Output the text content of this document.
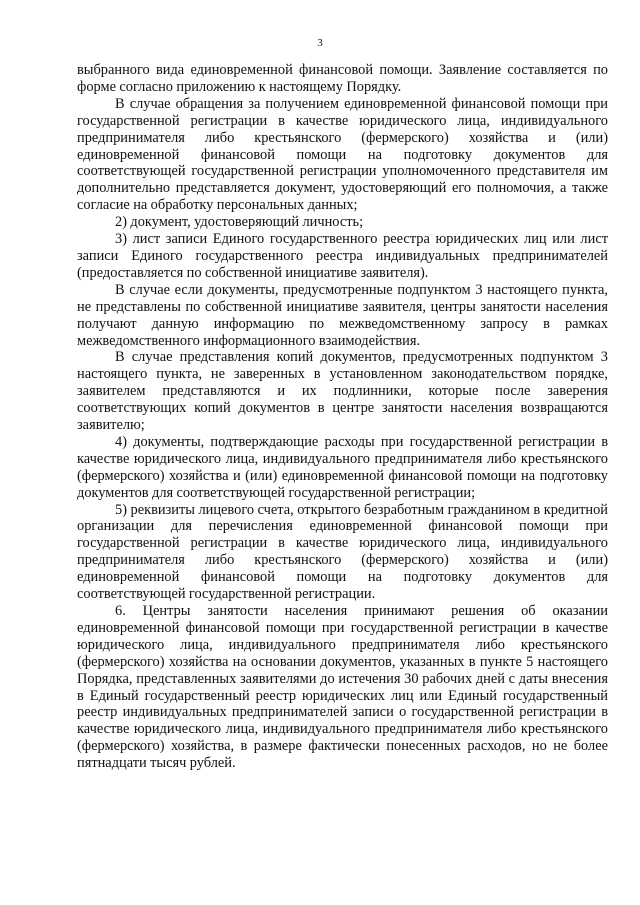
3

выбранного вида единовременной финансовой помощи. Заявление составляется по форме согласно приложению к настоящему Порядку.

В случае обращения за получением единовременной финансовой помощи при государственной регистрации в качестве юридического лица, индивидуального предпринимателя либо крестьянского (фермерского) хозяйства и (или) единовременной финансовой помощи на подготовку документов для соответствующей государственной регистрации уполномоченного представителя им дополнительно представляется документ, удостоверяющий его полномочия, а также согласие на обработку персональных данных;

2) документ, удостоверяющий личность;

3) лист записи Единого государственного реестра юридических лиц или лист записи Единого государственного реестра индивидуальных предпринимателей (предоставляется по собственной инициативе заявителя).

В случае если документы, предусмотренные подпунктом 3 настоящего пункта, не представлены по собственной инициативе заявителя, центры занятости населения получают данную информацию по межведомственному запросу в рамках межведомственного информационного взаимодействия.

В случае представления копий документов, предусмотренных подпунктом 3 настоящего пункта, не заверенных в установленном законодательством порядке, заявителем представляются и их подлинники, которые после заверения соответствующих копий документов в центре занятости населения возвращаются заявителю;

4) документы, подтверждающие расходы при государственной регистрации в качестве юридического лица, индивидуального предпринимателя либо крестьянского (фермерского) хозяйства и (или) единовременной финансовой помощи на подготовку документов для соответствующей государственной регистрации;

5) реквизиты лицевого счета, открытого безработным гражданином в кредитной организации для перечисления единовременной финансовой помощи при государственной регистрации в качестве юридического лица, индивидуального предпринимателя либо крестьянского (фермерского) хозяйства и (или) единовременной финансовой помощи на подготовку документов для соответствующей государственной регистрации.

6. Центры занятости населения принимают решения об оказании единовременной финансовой помощи при государственной регистрации в качестве юридического лица, индивидуального предпринимателя либо крестьянского (фермерского) хозяйства на основании документов, указанных в пункте 5 настоящего Порядка, представленных заявителями до истечения 30 рабочих дней с даты внесения в Единый государственный реестр юридических лиц или Единый государственный реестр индивидуальных предпринимателей записи о государственной регистрации в качестве юридического лица, индивидуального предпринимателя либо крестьянского (фермерского) хозяйства, в размере фактически понесенных расходов, но не более пятнадцати тысяч рублей.
